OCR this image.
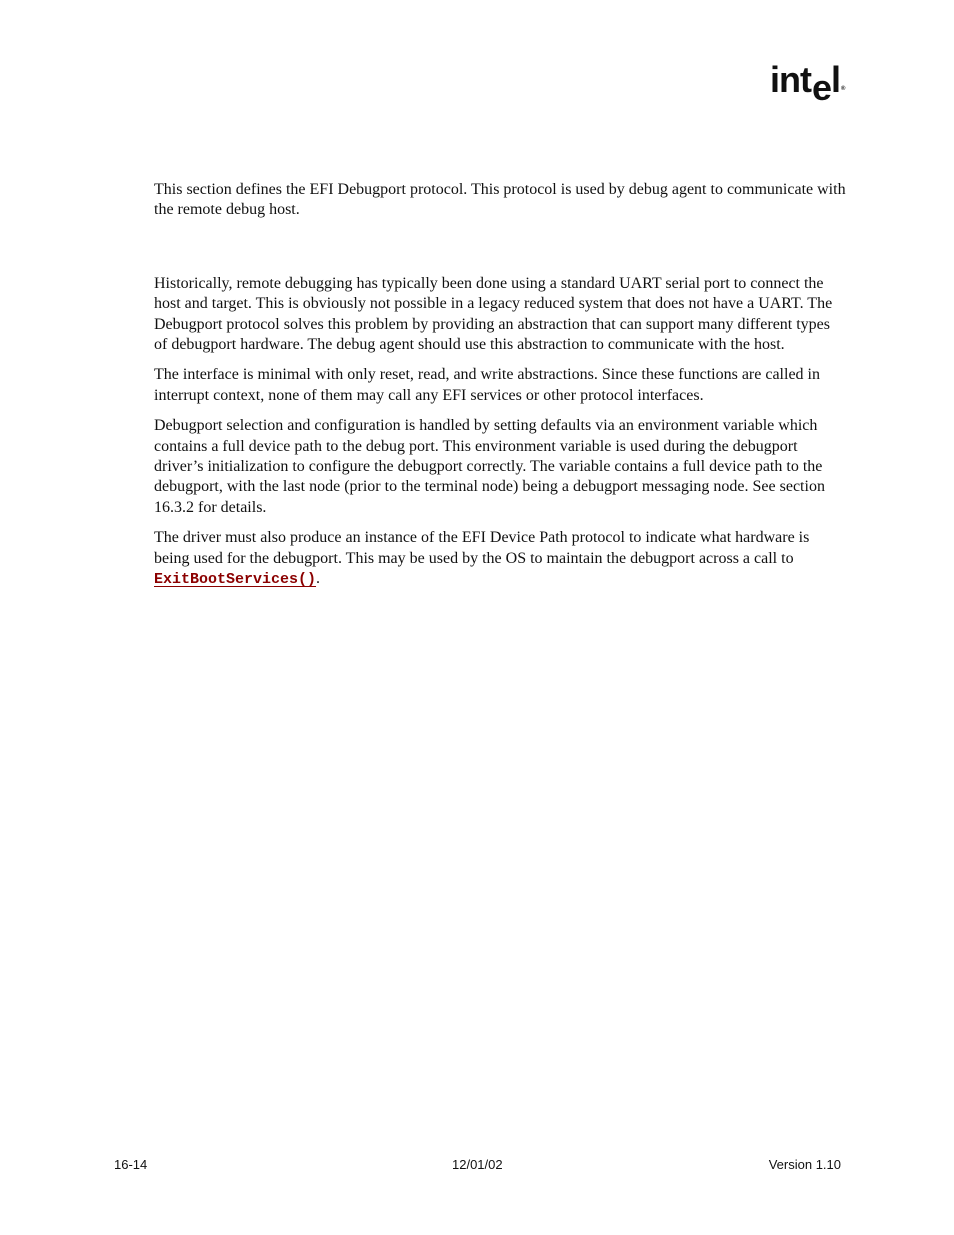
int e
l ®

This section defines the EFI Debugport protocol. This protocol is used by debug agent to communicate with the remote debug host.

Historically, remote debugging has typically been done using a standard UART serial port to connect the host and target. This is obviously not possible in a legacy reduced system that does not have a UART. The Debugport protocol solves this problem by providing an abstraction that can support many different types of debugport hardware. The debug agent should use this abstraction to communicate with the host.

The interface is minimal with only reset, read, and write abstractions. Since these functions are called in interrupt context, none of them may call any EFI services or other protocol interfaces.

Debugport selection and configuration is handled by setting defaults via an environment variable which contains a full device path to the debug port. This environment variable is used during the debugport driver’s initialization to configure the debugport correctly. The variable contains a full device path to the debugport, with the last node (prior to the terminal node) being a debugport messaging node. See section 16.3.2 for details.

The driver must also produce an instance of the EFI Device Path protocol to indicate what hardware is being used for the debugport. This may be used by the OS to maintain the debugport across a call to ExitBootServices().

16-14	12/01/02	Version 1.10
